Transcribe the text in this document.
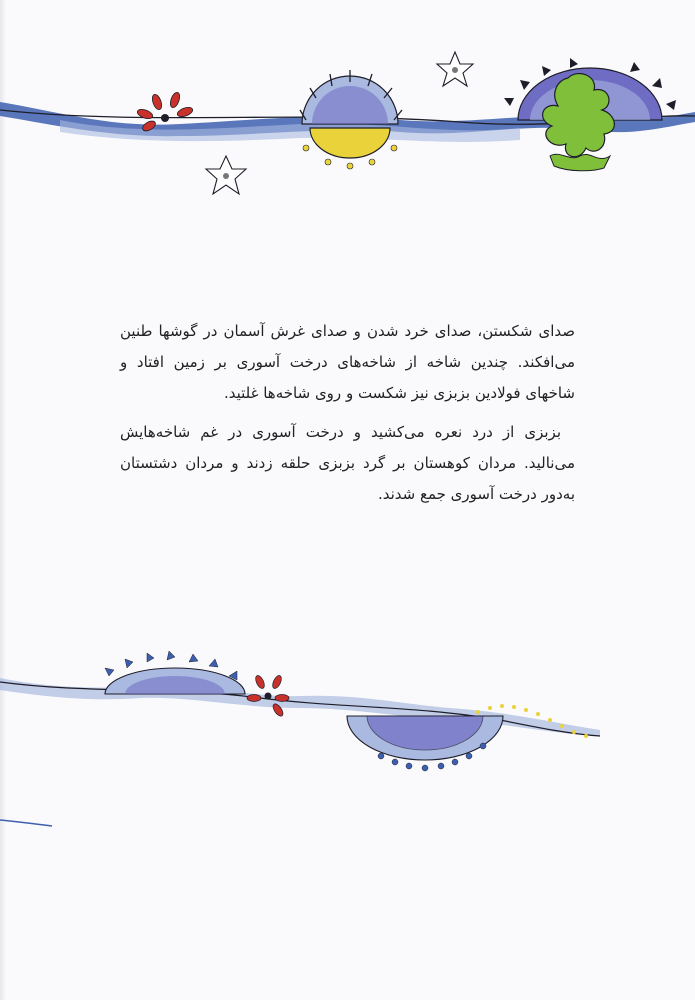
صدای شکستن، صدای خرد شدن و صدای غرش آسمان در گوشها طنین می‌افکند. چندین شاخه از شاخه‌های درخت آسوری بر زمین افتاد و شاخهای فولادین بزبزی نیز شکست و روی شاخه‌ها غلتید.

بزبزی از درد نعره می‌کشید و درخت آسوری در غم شاخه‌هایش می‌نالید. مردان کوهستان بر گرد بزبزی حلقه زدند و مردان دشتستان به‌دور درخت آسوری جمع شدند.
